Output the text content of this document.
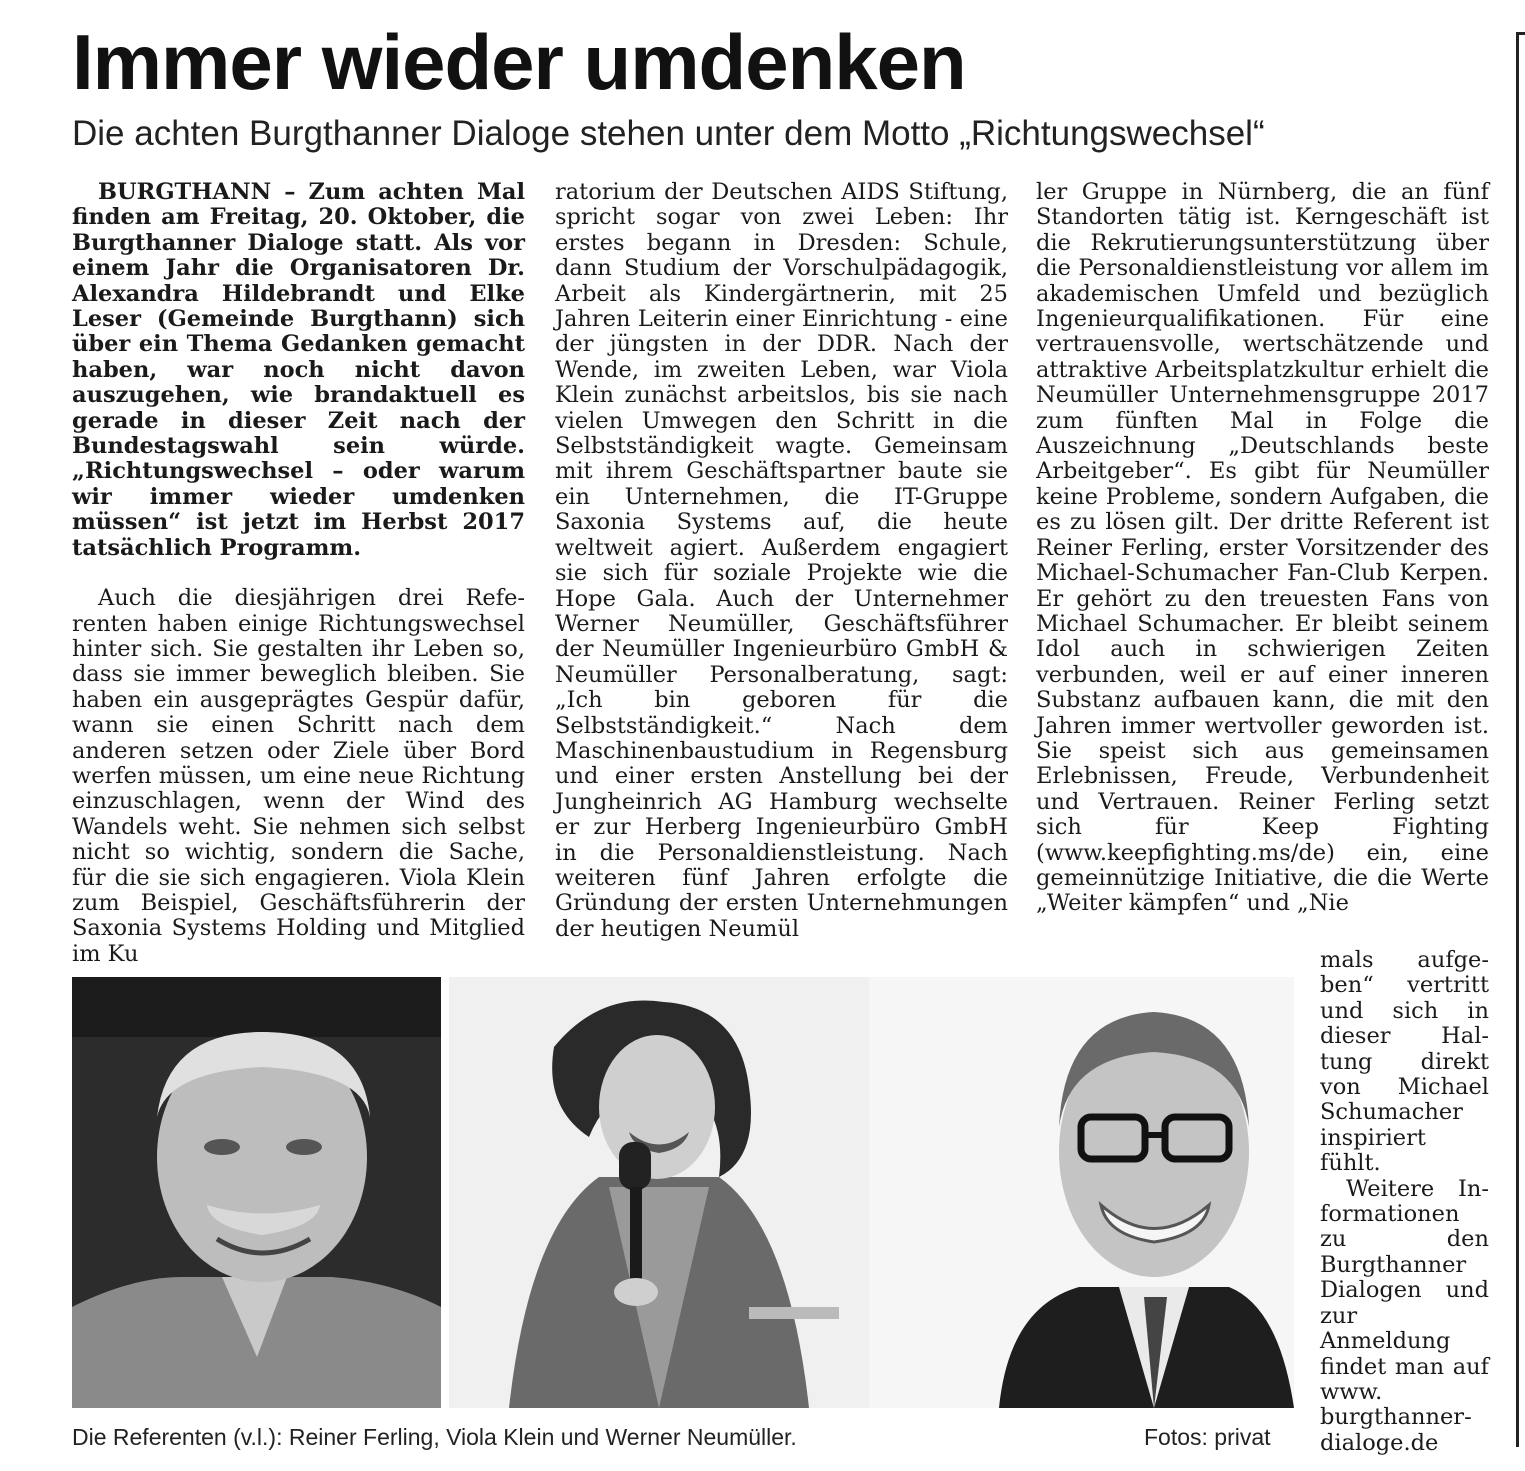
Immer wieder umdenken
Die achten Burgthanner Dialoge stehen unter dem Motto „Richtungswechsel“

BURGTHANN – Zum achten Mal finden am Freitag, 20. Oktober, die Burgthanner Dialoge statt. Als vor einem Jahr die Organisatoren Dr. Alexandra Hildebrandt und Elke Leser (Gemeinde Burgthann) sich über ein Thema Gedanken gemacht haben, war noch nicht davon auszugehen, wie brandaktuell es gerade in dieser Zeit nach der Bundestagswahl sein würde. „Richtungswechsel – oder warum wir immer wieder umdenken müssen“ ist jetzt im Herbst 2017 tatsächlich Programm.

Auch die diesjährigen drei Referenten haben einige Richtungswechsel hinter sich. Sie gestalten ihr Leben so, dass sie immer beweglich bleiben. Sie haben ein ausgeprägtes Gespür dafür, wann sie einen Schritt nach dem anderen setzen oder Ziele über Bord werfen müssen, um eine neue Richtung einzuschlagen, wenn der Wind des Wandels weht. Sie nehmen sich selbst nicht so wichtig, sondern die Sache, für die sie sich engagieren. Viola Klein zum Beispiel, Geschäftsführerin der Saxonia Systems Holding und Mitglied im Ku

ratorium der Deutschen AIDS Stiftung, spricht sogar von zwei Leben: Ihr erstes begann in Dresden: Schule, dann Studium der Vorschulpädagogik, Arbeit als Kindergärtnerin, mit 25 Jahren Leiterin einer Einrichtung - eine der jüngsten in der DDR. Nach der Wende, im zweiten Leben, war Viola Klein zunächst arbeitslos, bis sie nach vielen Umwegen den Schritt in die Selbstständigkeit wagte. Gemeinsam mit ihrem Geschäftspartner baute sie ein Unternehmen, die IT-Gruppe Saxonia Systems auf, die heute weltweit agiert. Außerdem engagiert sie sich für soziale Projekte wie die Hope Gala. Auch der Unternehmer Werner Neumüller, Geschäftsführer der Neumüller Ingenieurbüro GmbH & Neumüller Personalberatung, sagt: „Ich bin geboren für die Selbstständigkeit.“ Nach dem Maschinenbaustudium in Regensburg und einer ersten Anstellung bei der Jungheinrich AG Hamburg wechselte er zur Herberg Ingenieurbüro GmbH in die Personaldienstleistung. Nach weiteren fünf Jahren erfolgte die Gründung der ersten Unternehmungen der heutigen Neumül

ler Gruppe in Nürnberg, die an fünf Standorten tätig ist. Kerngeschäft ist die Rekrutierungsunterstützung über die Personaldienstleistung vor allem im akademischen Umfeld und bezüglich Ingenieurqualifikationen. Für eine vertrauensvolle, wertschätzende und attraktive Arbeitsplatzkultur erhielt die Neumüller Unternehmensgruppe 2017 zum fünften Mal in Folge die Auszeichnung „Deutschlands beste Arbeitgeber“. Es gibt für Neumüller keine Probleme, sondern Aufgaben, die es zu lösen gilt. Der dritte Referent ist Reiner Ferling, erster Vorsitzender des Michael-Schumacher Fan-Club Kerpen. Er gehört zu den treuesten Fans von Michael Schumacher. Er bleibt seinem Idol auch in schwierigen Zeiten verbunden, weil er auf einer inneren Substanz aufbauen kann, die mit den Jahren immer wertvoller geworden ist. Sie speist sich aus gemeinsamen Erlebnissen, Freude, Verbundenheit und Vertrauen. Reiner Ferling setzt sich für Keep Fighting (www.keepfighting.ms/de) ein, eine gemeinnützige Initiative, die die Werte „Weiter kämpfen“ und „Nie

mals aufgeben“ vertritt und sich in dieser Haltung direkt von Michael Schumacher inspiriert fühlt.

Weitere Informationen zu den Burgthanner Dialogen und zur Anmeldung findet man auf www. burgthannerdialoge.de

Die Referenten (v.l.): Reiner Ferling, Viola Klein und Werner Neumüller.	Fotos: privat
